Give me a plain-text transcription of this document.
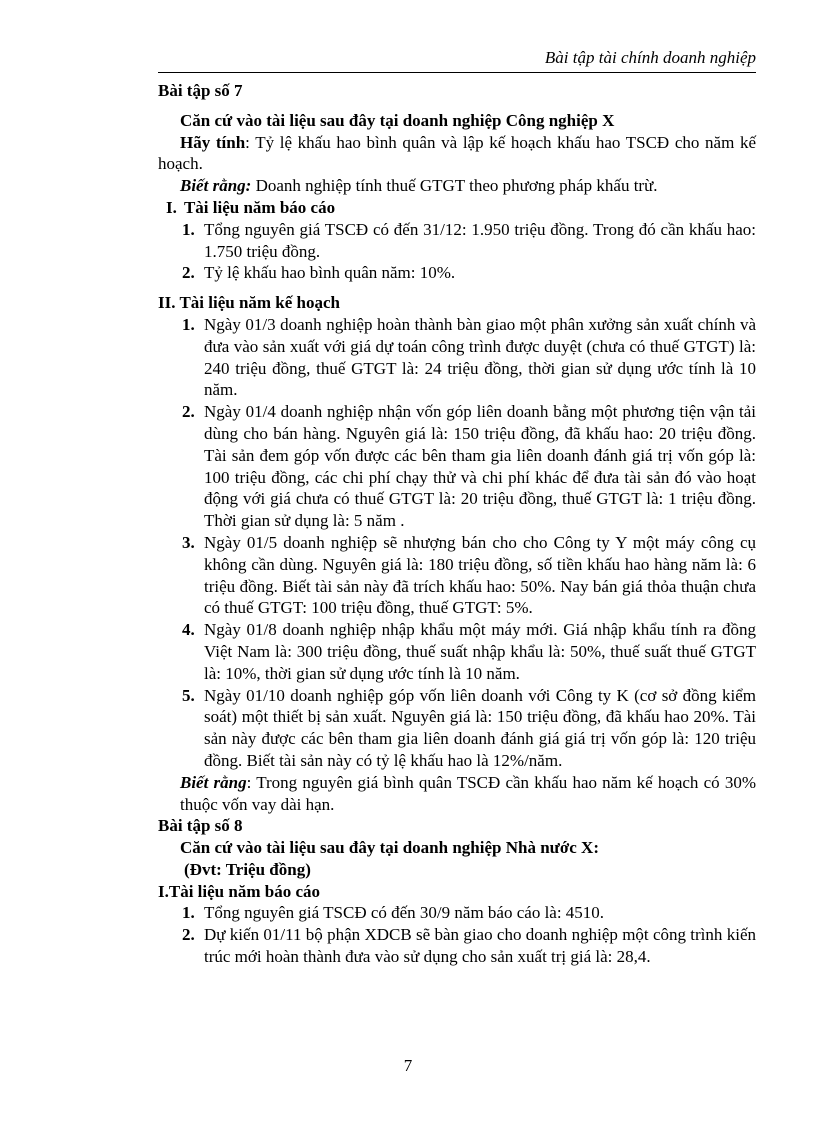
Bài tập tài chính doanh nghiệp

Bài tập số 7

Căn cứ vào tài liệu sau đây tại doanh nghiệp Công nghiệp X

Hãy tính: Tỷ lệ khấu hao bình quân và lập kế hoạch khấu hao TSCĐ cho năm kế hoạch.

Biết rằng: Doanh nghiệp tính thuế GTGT theo phương pháp khấu trừ.

I. Tài liệu năm báo cáo

1. Tổng nguyên giá TSCĐ có đến 31/12: 1.950 triệu đồng. Trong đó cần khấu hao: 1.750 triệu đồng.
2. Tỷ lệ khấu hao bình quân năm: 10%.

II. Tài liệu năm kế hoạch

1. Ngày 01/3 doanh nghiệp hoàn thành bàn giao một phân xưởng sản xuất chính và đưa vào sản xuất với giá dự toán công trình được duyệt (chưa có thuế GTGT) là: 240 triệu đồng, thuế GTGT là: 24 triệu đồng, thời gian sử dụng ước tính là 10 năm.
2. Ngày 01/4 doanh nghiệp nhận vốn góp liên doanh bằng một phương tiện vận tải dùng cho bán hàng. Nguyên giá là: 150 triệu đồng, đã khấu hao: 20 triệu đồng. Tài sản đem góp vốn được các bên tham gia liên doanh đánh giá trị vốn góp là: 100 triệu đồng, các chi phí chạy thử và chi phí khác để đưa tài sản đó vào hoạt động với giá chưa có thuế GTGT là: 20 triệu đồng, thuế GTGT là: 1 triệu đồng. Thời gian sử dụng là: 5 năm .
3. Ngày 01/5 doanh nghiệp sẽ nhượng bán cho cho Công ty Y một máy công cụ không cần dùng. Nguyên giá là: 180 triệu đồng, số tiền khấu hao hàng năm là: 6 triệu đồng. Biết tài sản này đã trích khấu hao: 50%. Nay bán giá thỏa thuận chưa có thuế GTGT: 100 triệu đồng, thuế GTGT: 5%.
4. Ngày 01/8 doanh nghiệp nhập khẩu một máy mới. Giá nhập khẩu tính ra đồng Việt Nam là: 300 triệu đồng, thuế suất nhập khẩu là: 50%, thuế suất thuế GTGT là: 10%, thời gian sử dụng ước tính là 10 năm.
5. Ngày 01/10 doanh nghiệp góp vốn liên doanh với Công ty K (cơ sở đồng kiểm soát) một thiết bị sản xuất. Nguyên giá là: 150 triệu đồng, đã khấu hao 20%. Tài sản này được các bên tham gia liên doanh đánh giá giá trị vốn góp là: 120 triệu đồng. Biết tài sản này có tỷ lệ khấu hao là 12%/năm.

Biết rằng: Trong nguyên giá bình quân TSCĐ cần khấu hao năm kế hoạch có 30% thuộc vốn vay dài hạn.

Bài tập số 8

Căn cứ vào tài liệu sau đây tại doanh nghiệp Nhà nước X:

(Đvt: Triệu đồng)

I.Tài liệu năm báo cáo

1. Tổng nguyên giá TSCĐ có đến 30/9 năm báo cáo là: 4510.
2. Dự kiến 01/11 bộ phận XDCB sẽ bàn giao cho doanh nghiệp một công trình kiến trúc mới hoàn thành đưa vào sử dụng cho sản xuất trị giá là: 28,4.
7
